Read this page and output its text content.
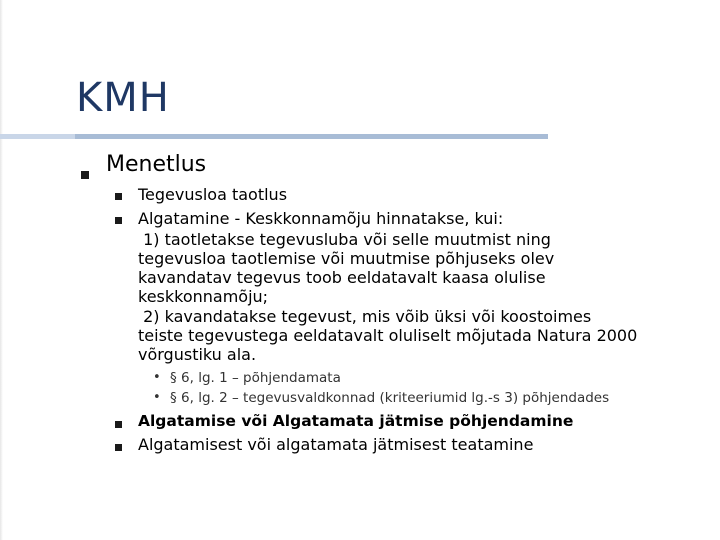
KMH
Menetlus
Tegevusloa taotlus
Algatamine - Keskkonnamõju hinnatakse, kui:
1) taotletakse tegevusluba või selle muutmist ning
tegevusloa taotlemise või muutmise põhjuseks olev
kavandatav tegevus toob eeldatavalt kaasa olulise
keskkonnamõju;
2) kavandatakse tegevust, mis võib üksi või koostoimes
teiste tegevustega eeldatavalt oluliselt mõjutada Natura 2000
võrgustiku ala.
• § 6, lg. 1 – põhjendamata
• § 6, lg. 2 – tegevusvaldkonnad (kriteeriumid lg.-s 3) põhjendades
Algatamise või Algatamata jätmise põhjendamine
Algatamisest või algatamata jätmisest teatamine
